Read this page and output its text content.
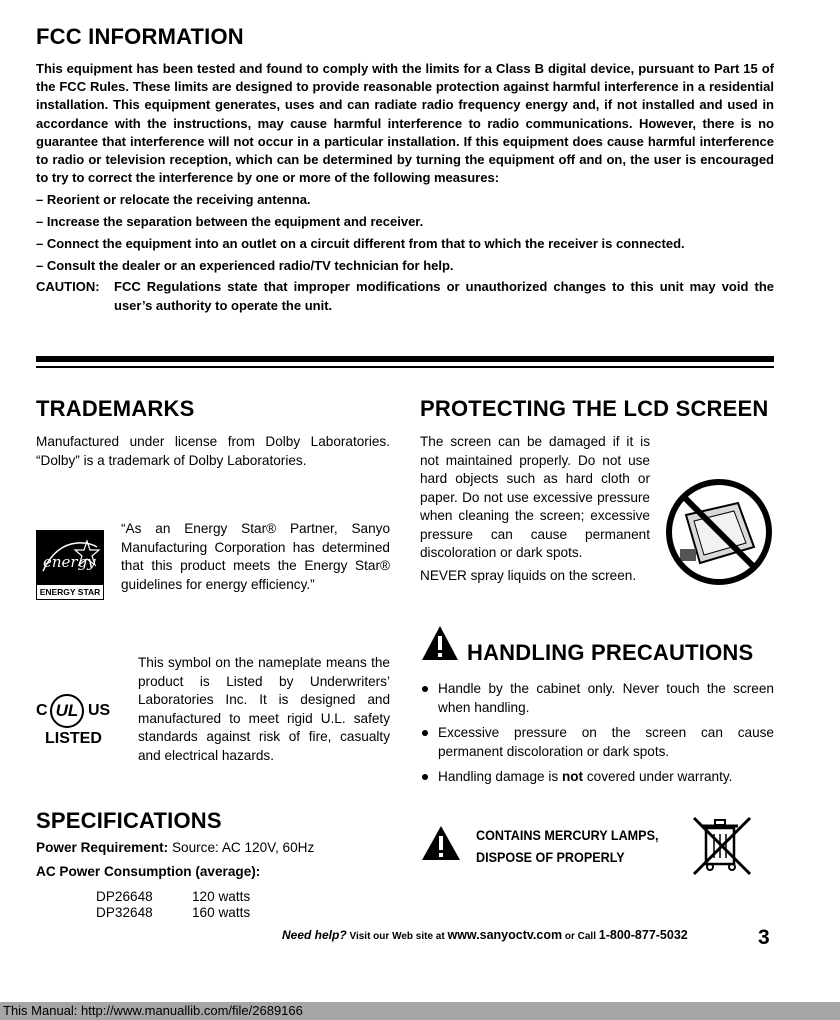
FCC INFORMATION

This equipment has been tested and found to comply with the limits for a Class B digital device, pursuant to Part 15 of the FCC Rules. These limits are designed to provide reasonable protection against harmful interference in a residential installation. This equipment generates, uses and can radiate radio frequency energy and, if not installed and used in accordance with the instructions, may cause harmful interference to radio communications. However, there is no guarantee that interference will not occur in a particular installation. If this equipment does cause harmful interference to radio or television reception, which can be determined by turning the equipment off and on, the user is encouraged to try to correct the interference by one or more of the following measures:

– Reorient or relocate the receiving antenna.

– Increase the separation between the equipment and receiver.

– Connect the equipment into an outlet on a circuit different from that to which the receiver is connected.

– Consult the dealer or an experienced radio/TV technician for help.

CAUTION:	FCC Regulations state that improper modifications or unauthorized changes to this unit may void the user’s authority to operate the unit.
TRADEMARKS
Manufactured under license from Dolby Laboratories. “Dolby” is a trademark of Dolby Laboratories.
energy
ENERGY STAR
“As an Energy Star® Partner, Sanyo Manufacturing Corporation has determined that this product meets the Energy Star® guidelines for energy efficiency.”
C UL US
LISTED
This symbol on the nameplate means the product is Listed by Underwriters’ Laboratories Inc. It is designed and manufactured to meet rigid U.L. safety standards against risk of fire, casualty and electrical hazards.
SPECIFICATIONS
Power Requirement: Source: AC 120V, 60Hz
AC Power Consumption (average):
DP26648	120 watts
DP32648	160 watts
PROTECTING THE LCD SCREEN

The screen can be damaged if it is not maintained properly. Do not use hard objects such as hard cloth or paper. Do not use excessive pressure when cleaning the screen; excessive pressure can cause permanent discoloration or dark spots.

NEVER spray liquids on the screen.

HANDLING PRECAUTIONS
Handle by the cabinet only. Never touch the screen when handling.
Excessive pressure on the screen can cause permanent discoloration or dark spots.
Handling damage is not covered under warranty.
CONTAINS MERCURY LAMPS,
DISPOSE OF PROPERLY
Need help? Visit our Web site at www.sanyoctv.com or Call 1-800-877-5032	3
This Manual: http://www.manuallib.com/file/2689166
